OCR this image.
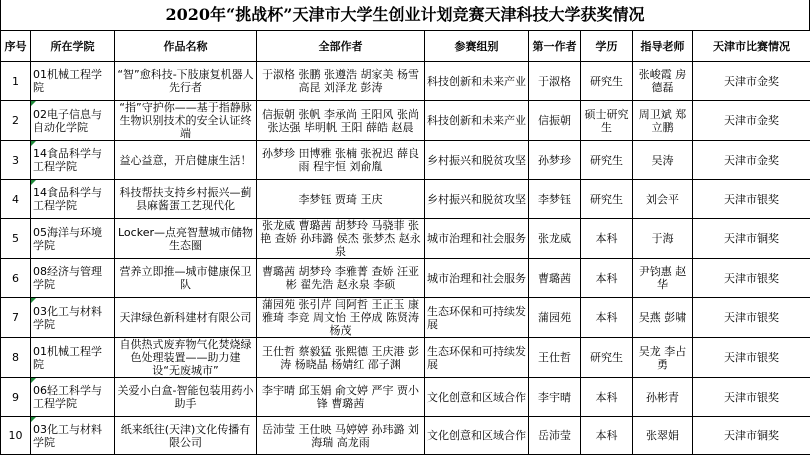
2020年“挑战杯”天津市大学生创业计划竞赛天津科技大学获奖情况
序号	所在学院	作品名称	全部作者	参赛组别	第一作者	学历	指导老师	天津市比赛情况
1	01机械工程学院	“智”愈科技-下肢康复机器人先行者	于淑格 张鹏 张遵浩 胡家美 杨雪 高昆 刘泽龙 彭涛	科技创新和未来产业	于淑格	研究生	张峻霞 房德磊	天津市金奖
2	02电子信息与自动化学院	“指”守护你——基于指静脉生物识别技术的安全认证终端	信振朝 张帆 李承尚 王阳风 张尚 张达强 毕明帆 王阳 薛皓 赵晨	科技创新和未来产业	信振朝	硕士研究生	周卫斌 郑立鹏	天津市金奖
3	14食品科学与工程学院	益心益意，开启健康生活！	孙梦珍 田博雅 张楠 张祝迟 薛良雨 程宇恒 刘俞胤	乡村振兴和脱贫攻坚	孙梦珍	研究生	吴涛	天津市金奖
4	14食品科学与工程学院	科技帮扶支持乡村振兴—蓟县麻酱蛋工艺现代化	李梦钰 贾琦 王庆	乡村振兴和脱贫攻坚	李梦钰	研究生	刘会平	天津市银奖
5	05海洋与环境学院	Locker—点亮智慧城市储物生态圈	张龙威 曹璐茜 胡梦玲 马骁菲 张艳 查娇 孙玮潞 侯杰 张梦杰 赵永泉	城市治理和社会服务	张龙威	本科	于海	天津市铜奖
6	08经济与管理学院	营养立即推—城市健康保卫队	曹璐茜 胡梦玲 李雅菁 查娇 汪亚彬 翟先浩 赵永泉 李硕	城市治理和社会服务	曹璐茜	本科	尹钧惠 赵华	天津市银奖
7	03化工与材料学院	天津绿色新科建材有限公司	蒲园苑 张引芹 闫阿哲 王正玉 康雅琦 李竞 周文怡 王停成 陈贤涛 杨茂	生态环保和可持续发展	蒲园苑	本科	吴燕 彭啸	天津市银奖
8	01机械工程学院	自供热式废弃物气化焚烧绿色处理装置——助力建设“无废城市”	王仕哲 蔡毅猛 张熙德 王庆港 彭涛 杨晓晶 杨婧红 邵子渊	生态环保和可持续发展	王仕哲	研究生	吴龙 李占勇	天津市银奖
9	06轻工科学与工程学院	关爱小白盒-智能包装用药小助手	李宇晴 邱玉娟 俞文婷 严宇 贾小锋 曹璐茜	文化创意和区域合作	李宇晴	本科	孙彬青	天津市银奖
10	03化工与材料学院	纸来纸往(天津)文化传播有限公司	岳沛莹 王仕映 马婷婷 孙玮潞 刘海瑞 高龙雨	文化创意和区域合作	岳沛莹	本科	张翠娟	天津市铜奖
